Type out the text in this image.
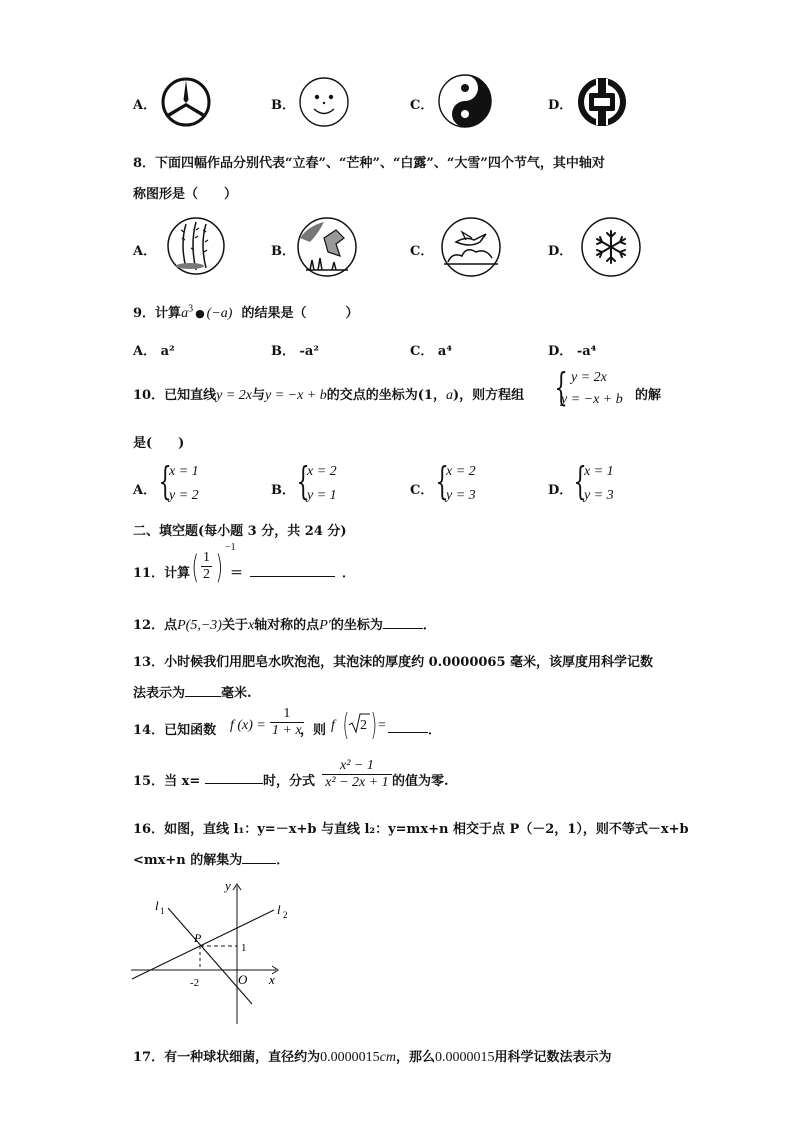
A．	B．	C．	D．
8．下面四幅作品分别代表“立春”、“芒种”、“白露”、“大雪”四个节气，其中轴对
称图形是（　　）
A．	B．	C．	D．
9．计算$a^3$ ● (−a) 的结果是（　　　）
A． a²	B． -a²	C． a⁴	D． -a⁴
10．已知直线y = 2x与y = −x + b的交点的坐标为(1，a)，则方程组 { y = 2x
y = −x + b 的解
是(　　)
A． {
x = 1
y = 2	B． {
x = 2
y = 1	C． {
x = 2
y = 3	D． {
x = 1
y = 3
二、填空题(每小题 3 分，共 24 分)
11．计算 ( $\frac{1}{2}$ )
−1
＝	．
12．点P(5,−3)关于x轴对称的点P′的坐标为	．
13．小时候我们用肥皂水吹泡泡，其泡沫的厚度约 0.0000065 毫米，该厚度用科学记数
法表示为	毫米.
14．已知函数 f $(x) = \frac{1}{1 + x}$
，则 f ( 2 ) =	．
15．当 x=	时，分式 $\frac{\text{x² − 1}}{\text{x² − 2x + 1}}$ 的值为零.
16．如图，直线 l₁：y=－x+b 与直线 l₂：y=mx+n 相交于点 P（－2，1），则不等式－x+b
<mx+n 的解集为	．
y
x
O
l 1	l 2
P
-2
1
17．有一种球状细菌，直径约为0.0000015cm，那么0.0000015用科学记数法表示为
